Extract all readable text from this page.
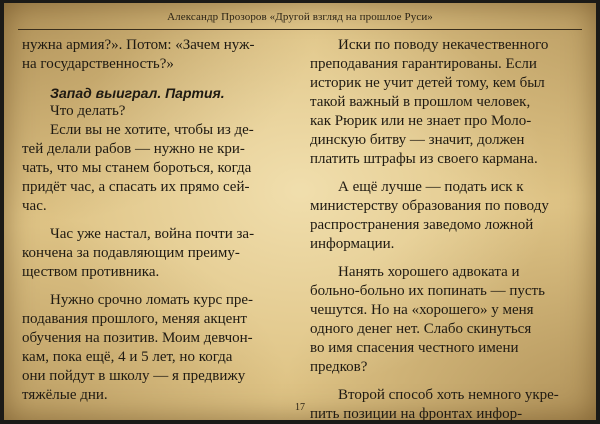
Александр Прозоров «Другой взгляд на прошлое Руси»

нужна армия?». Потом: «Зачем нуж-
на государственность?»

Запад выиграл. Партия.

Что делать?

Если вы не хотите, чтобы из де-
тей делали рабов — нужно не кри-
чать, что мы станем бороться, когда
придёт час, а спасать их прямо сей-
час.

Час уже настал, война почти за-
кончена за подавляющим преиму-
ществом противника.

Нужно срочно ломать курс пре-
подавания прошлого, меняя акцент
обучения на позитив. Моим девчон-
кам, пока ещё, 4 и 5 лет, но когда
они пойдут в школу — я предвижу
тяжёлые дни.

Иски по поводу некачественного
преподавания гарантированы. Если
историк не учит детей тому, кем был
такой важный в прошлом человек,
как Рюрик или не знает про Моло-
динскую битву — значит, должен
платить штрафы из своего кармана.

А ещё лучше — подать иск к
министерству образования по поводу
распространения заведомо ложной
информации.

Нанять хорошего адвоката и
больно-больно их попинать — пусть
чешутся. Но на «хорошего» у меня
одного денег нет. Слабо скинуться
во имя спасения честного имени
предков?

Второй способ хоть немного укре-
пить позиции на фронтах инфор-

17
